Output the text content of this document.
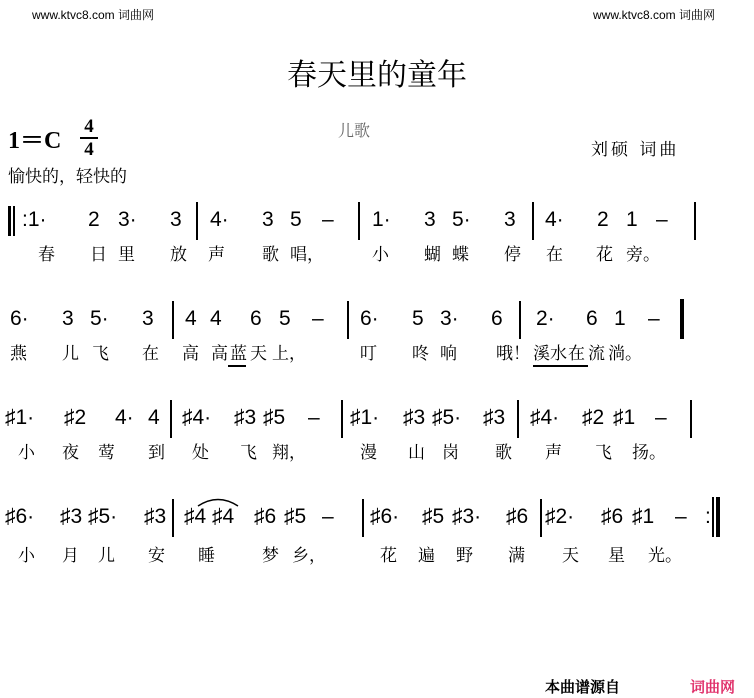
www.ktvc8.com 词曲网	www.ktvc8.com 词曲网
春天里的童年
1＝C
4
4
儿歌
刘硕 词曲
愉快的，轻快的
:1· 2 3· 3 4· 3 5 – 1· 3 5· 3 4· 2 1 –
春 日 里 放 声 歌 唱，	小 蝴 蝶 停 在 花 旁。
6· 3 5· 3 4 4 6 5 – 6· 5 3· 6 2· 6 1 –
燕 儿 飞 在 高 高 蓝 天 上，	叮 咚 响 哦！ 溪 水 在 流 淌。
♯1· ♯2 4· 4 ♯4· ♯3 ♯5 – ♯1· ♯3 ♯5· ♯3 ♯4· ♯2 ♯1 –
小 夜 莺 到 处 飞 翔，	漫 山 岗 歌 声 飞 扬。
♯6· ♯3 ♯5· ♯3 ♯4 ♯4 ♯6 ♯5 – ♯6· ♯5 ♯3· ♯6 ♯2· ♯6 ♯1 – :
小 月 儿 安 睡	梦 乡，	花 遍 野 满 天 星 光。
本曲谱源自	词曲网
